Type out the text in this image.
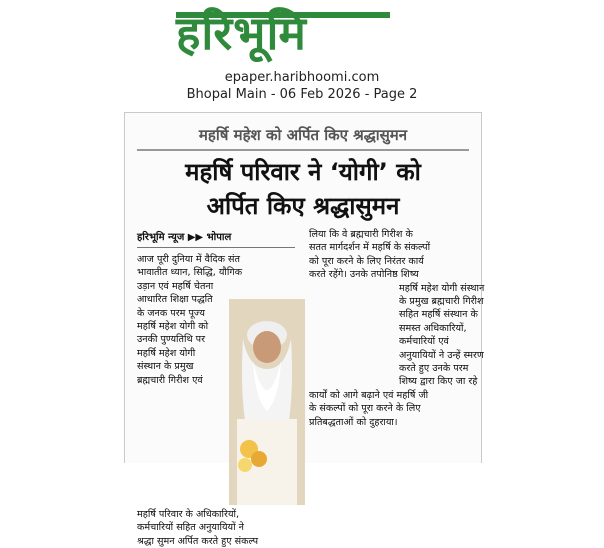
हरिभूमि
epaper.haribhoomi.com
Bhopal Main - 06 Feb 2026 - Page 2
महर्षि महेश को अर्पित किए श्रद्धासुमन
महर्षि परिवार ने ‘योगी’ को
अर्पित किए श्रद्धासुमन
हरिभूमि न्यूज ▶▶ भोपाल
आज पूरी दुनिया में वैदिक संत
भावातीत ध्यान, सिद्धि, यौगिक
उड़ान एवं महर्षि चेतना
आधारित शिक्षा पद्धति
के जनक परम पूज्य
महर्षि महेश योगी को
उनकी पुण्यतिथि पर
महर्षि महेश योगी
संस्थान के प्रमुख
ब्रह्मचारी गिरीश एवं
महर्षि परिवार के अधिकारियों,
कर्मचारियों सहित अनुयायियों ने
श्रद्धा सुमन अर्पित करते हुए संकल्प
लिया कि वे ब्रह्मचारी गिरीश के
सतत मार्गदर्शन में महर्षि के संकल्पों
को पूरा करने के लिए निरंतर कार्य
करते रहेंगे। उनके तपोनिष्ठ शिष्य
महर्षि महेश योगी संस्थान
के प्रमुख ब्रह्मचारी गिरीश
सहित महर्षि संस्थान के
समस्त अधिकारियों,
कर्मचारियों एवं
अनुयायियों ने उन्हें स्मरण
करते हुए उनके परम
शिष्य द्वारा किए जा रहे
कार्यों को आगे बढ़ाने एवं महर्षि जी
के संकल्पों को पूरा करने के लिए
प्रतिबद्धताओं को दुहराया।
